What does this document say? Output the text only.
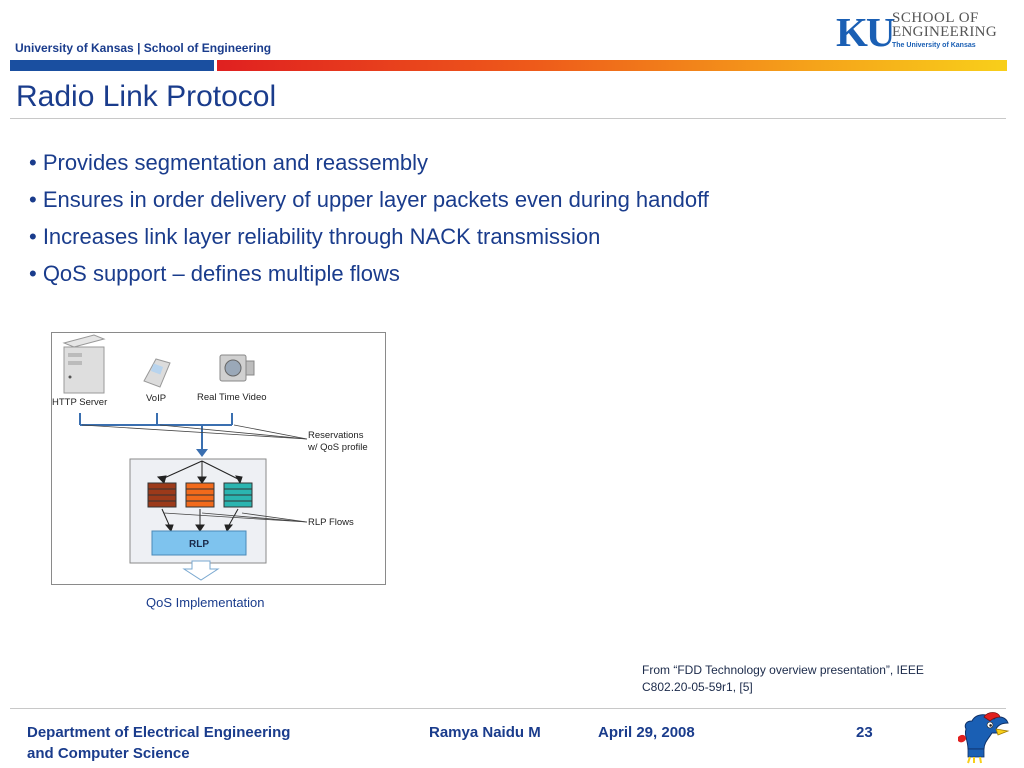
University of Kansas | School of Engineering	KU
SCHOOL OF
ENGINEERING
The University of Kansas
Radio Link Protocol
• Provides segmentation and reassembly
• Ensures in order delivery of upper layer packets even during handoff
• Increases link layer reliability through NACK transmission
• QoS support – defines multiple flows
HTTP Server	VoIP	Real Time Video
Reservations
w/ QoS profile
RLP Flows
RLP
QoS Implementation
From “FDD Technology overview presentation”, IEEE
C802.20-05-59r1, [5]
Department of Electrical Engineering
and Computer Science
Ramya Naidu M	April 29, 2008	23
